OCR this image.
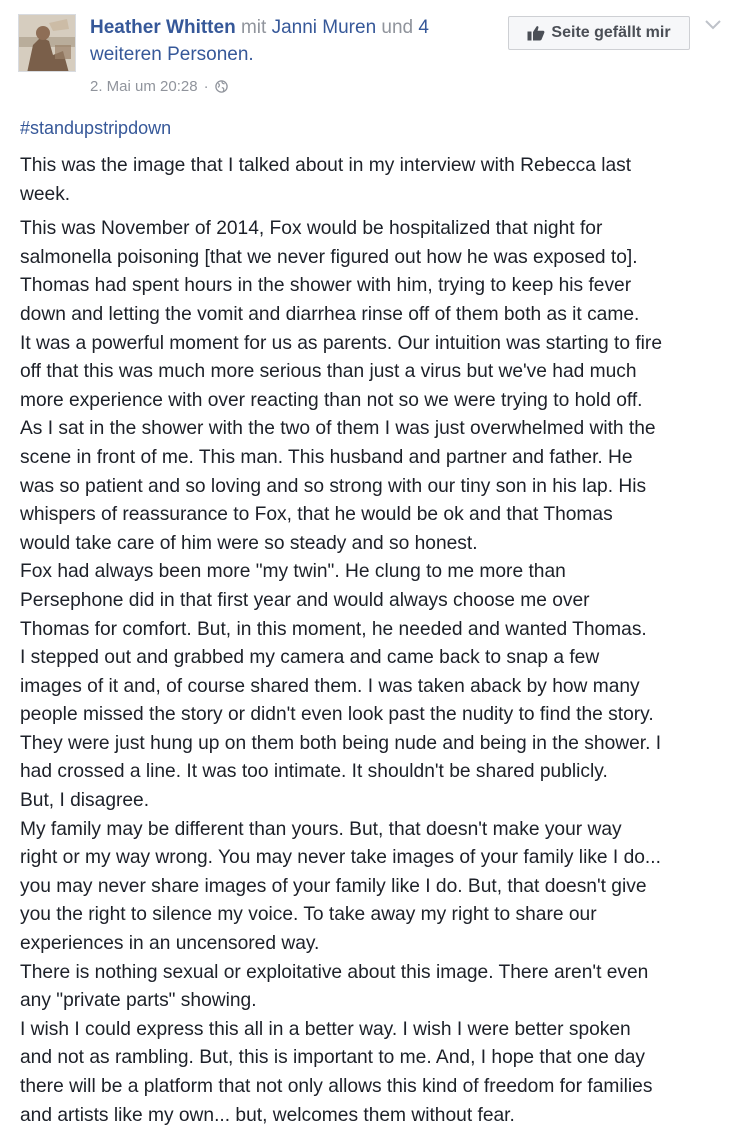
Heather Whitten mit Janni Muren und 4
weiteren Personen.
2. Mai um 20:28 ·
Seite gefällt mir
#standupstripdown

This was the image that I talked about in my interview with Rebecca last
week.

This was November of 2014, Fox would be hospitalized that night for
salmonella poisoning [that we never figured out how he was exposed to].
Thomas had spent hours in the shower with him, trying to keep his fever
down and letting the vomit and diarrhea rinse off of them both as it came.
It was a powerful moment for us as parents. Our intuition was starting to fire
off that this was much more serious than just a virus but we've had much
more experience with over reacting than not so we were trying to hold off.
As I sat in the shower with the two of them I was just overwhelmed with the
scene in front of me. This man. This husband and partner and father. He
was so patient and so loving and so strong with our tiny son in his lap. His
whispers of reassurance to Fox, that he would be ok and that Thomas
would take care of him were so steady and so honest.
Fox had always been more "my twin". He clung to me more than
Persephone did in that first year and would always choose me over
Thomas for comfort. But, in this moment, he needed and wanted Thomas.
I stepped out and grabbed my camera and came back to snap a few
images of it and, of course shared them. I was taken aback by how many
people missed the story or didn't even look past the nudity to find the story.
They were just hung up on them both being nude and being in the shower. I
had crossed a line. It was too intimate. It shouldn't be shared publicly.
But, I disagree.
My family may be different than yours. But, that doesn't make your way
right or my way wrong. You may never take images of your family like I do...
you may never share images of your family like I do. But, that doesn't give
you the right to silence my voice. To take away my right to share our
experiences in an uncensored way.
There is nothing sexual or exploitative about this image. There aren't even
any "private parts" showing.
I wish I could express this all in a better way. I wish I were better spoken
and not as rambling. But, this is important to me. And, I hope that one day
there will be a platform that not only allows this kind of freedom for families
and artists like my own... but, welcomes them without fear.
